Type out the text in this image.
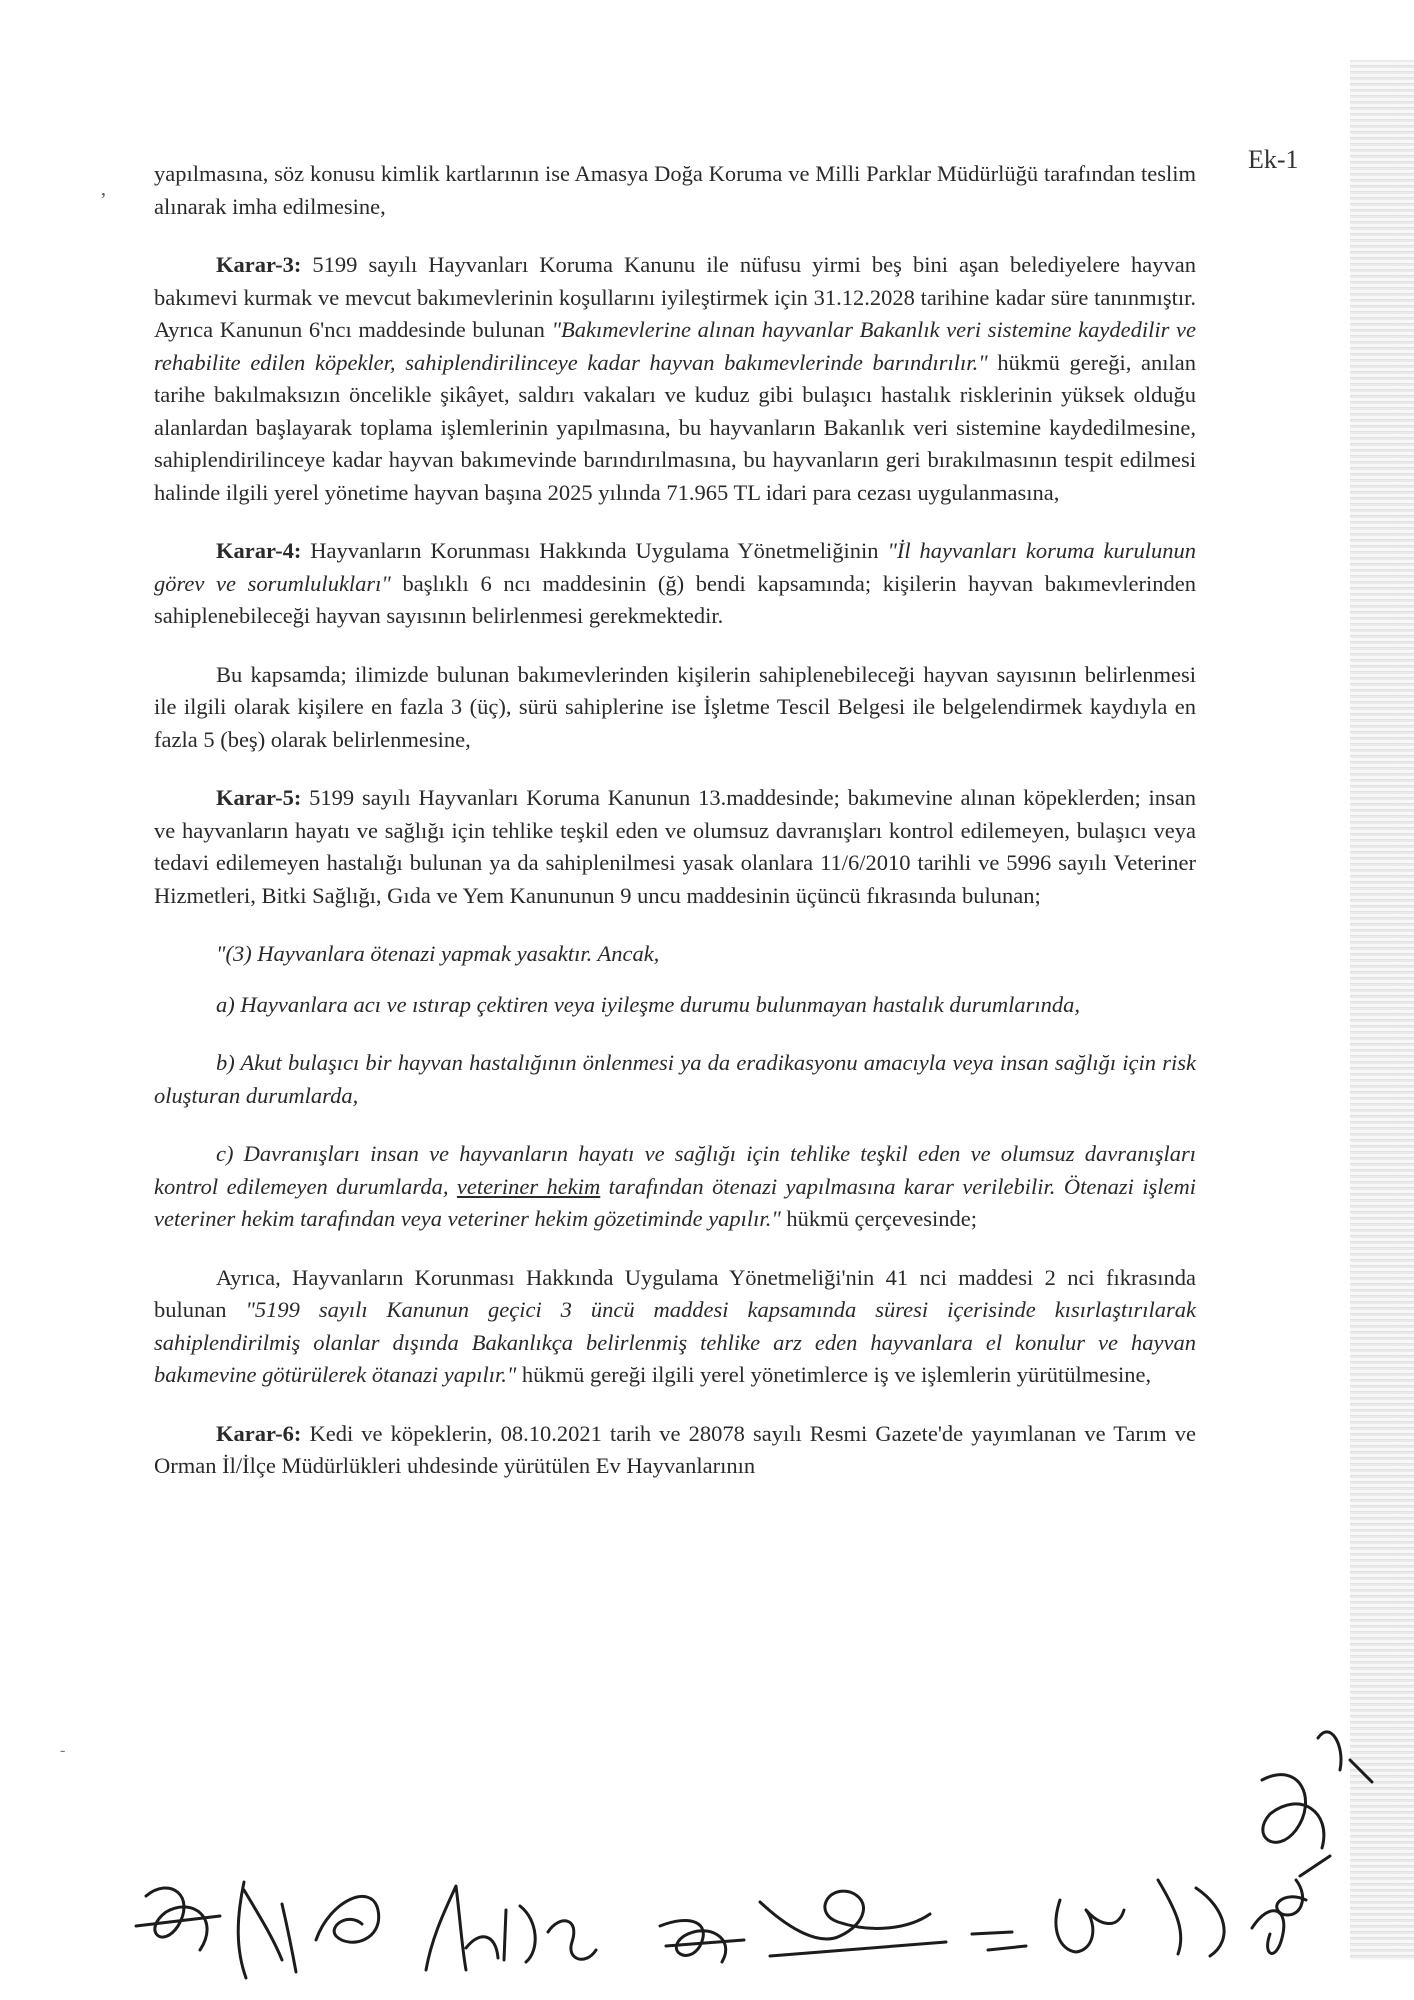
Ek-1
‚
-

yapılmasına, söz konusu kimlik kartlarının ise Amasya Doğa Koruma ve Milli Parklar Müdürlüğü tarafından teslim alınarak imha edilmesine,

Karar-3: 5199 sayılı Hayvanları Koruma Kanunu ile nüfusu yirmi beş bini aşan belediyelere hayvan bakımevi kurmak ve mevcut bakımevlerinin koşullarını iyileştirmek için 31.12.2028 tarihine kadar süre tanınmıştır. Ayrıca Kanunun 6'ncı maddesinde bulunan "Bakımevlerine alınan hayvanlar Bakanlık veri sistemine kaydedilir ve rehabilite edilen köpekler, sahiplendirilinceye kadar hayvan bakımevlerinde barındırılır." hükmü gereği, anılan tarihe bakılmaksızın öncelikle şikâyet, saldırı vakaları ve kuduz gibi bulaşıcı hastalık risklerinin yüksek olduğu alanlardan başlayarak toplama işlemlerinin yapılmasına, bu hayvanların Bakanlık veri sistemine kaydedilmesine, sahiplendirilinceye kadar hayvan bakımevinde barındırılmasına, bu hayvanların geri bırakılmasının tespit edilmesi halinde ilgili yerel yönetime hayvan başına 2025 yılında 71.965 TL idari para cezası uygulanmasına,

Karar-4: Hayvanların Korunması Hakkında Uygulama Yönetmeliğinin "İl hayvanları koruma kurulunun görev ve sorumlulukları" başlıklı 6 ncı maddesinin (ğ) bendi kapsamında; kişilerin hayvan bakımevlerinden sahiplenebileceği hayvan sayısının belirlenmesi gerekmektedir.

Bu kapsamda; ilimizde bulunan bakımevlerinden kişilerin sahiplenebileceği hayvan sayısının belirlenmesi ile ilgili olarak kişilere en fazla 3 (üç), sürü sahiplerine ise İşletme Tescil Belgesi ile belgelendirmek kaydıyla en fazla 5 (beş) olarak belirlenmesine,

Karar-5: 5199 sayılı Hayvanları Koruma Kanunun 13.maddesinde; bakımevine alınan köpeklerden; insan ve hayvanların hayatı ve sağlığı için tehlike teşkil eden ve olumsuz davranışları kontrol edilemeyen, bulaşıcı veya tedavi edilemeyen hastalığı bulunan ya da sahiplenilmesi yasak olanlara 11/6/2010 tarihli ve 5996 sayılı Veteriner Hizmetleri, Bitki Sağlığı, Gıda ve Yem Kanununun 9 uncu maddesinin üçüncü fıkrasında bulunan;

"(3) Hayvanlara ötenazi yapmak yasaktır. Ancak,

a) Hayvanlara acı ve ıstırap çektiren veya iyileşme durumu bulunmayan hastalık durumlarında,

b) Akut bulaşıcı bir hayvan hastalığının önlenmesi ya da eradikasyonu amacıyla veya insan sağlığı için risk oluşturan durumlarda,

c) Davranışları insan ve hayvanların hayatı ve sağlığı için tehlike teşkil eden ve olumsuz davranışları kontrol edilemeyen durumlarda, veteriner hekim tarafından ötenazi yapılmasına karar verilebilir. Ötenazi işlemi veteriner hekim tarafından veya veteriner hekim gözetiminde yapılır." hükmü çerçevesinde;

Ayrıca, Hayvanların Korunması Hakkında Uygulama Yönetmeliği'nin 41 nci maddesi 2 nci fıkrasında bulunan "5199 sayılı Kanunun geçici 3 üncü maddesi kapsamında süresi içerisinde kısırlaştırılarak sahiplendirilmiş olanlar dışında Bakanlıkça belirlenmiş tehlike arz eden hayvanlara el konulur ve hayvan bakımevine götürülerek ötanazi yapılır." hükmü gereği ilgili yerel yönetimlerce iş ve işlemlerin yürütülmesine,

Karar-6: Kedi ve köpeklerin, 08.10.2021 tarih ve 28078 sayılı Resmi Gazete'de yayımlanan ve Tarım ve Orman İl/İlçe Müdürlükleri uhdesinde yürütülen Ev Hayvanlarının
